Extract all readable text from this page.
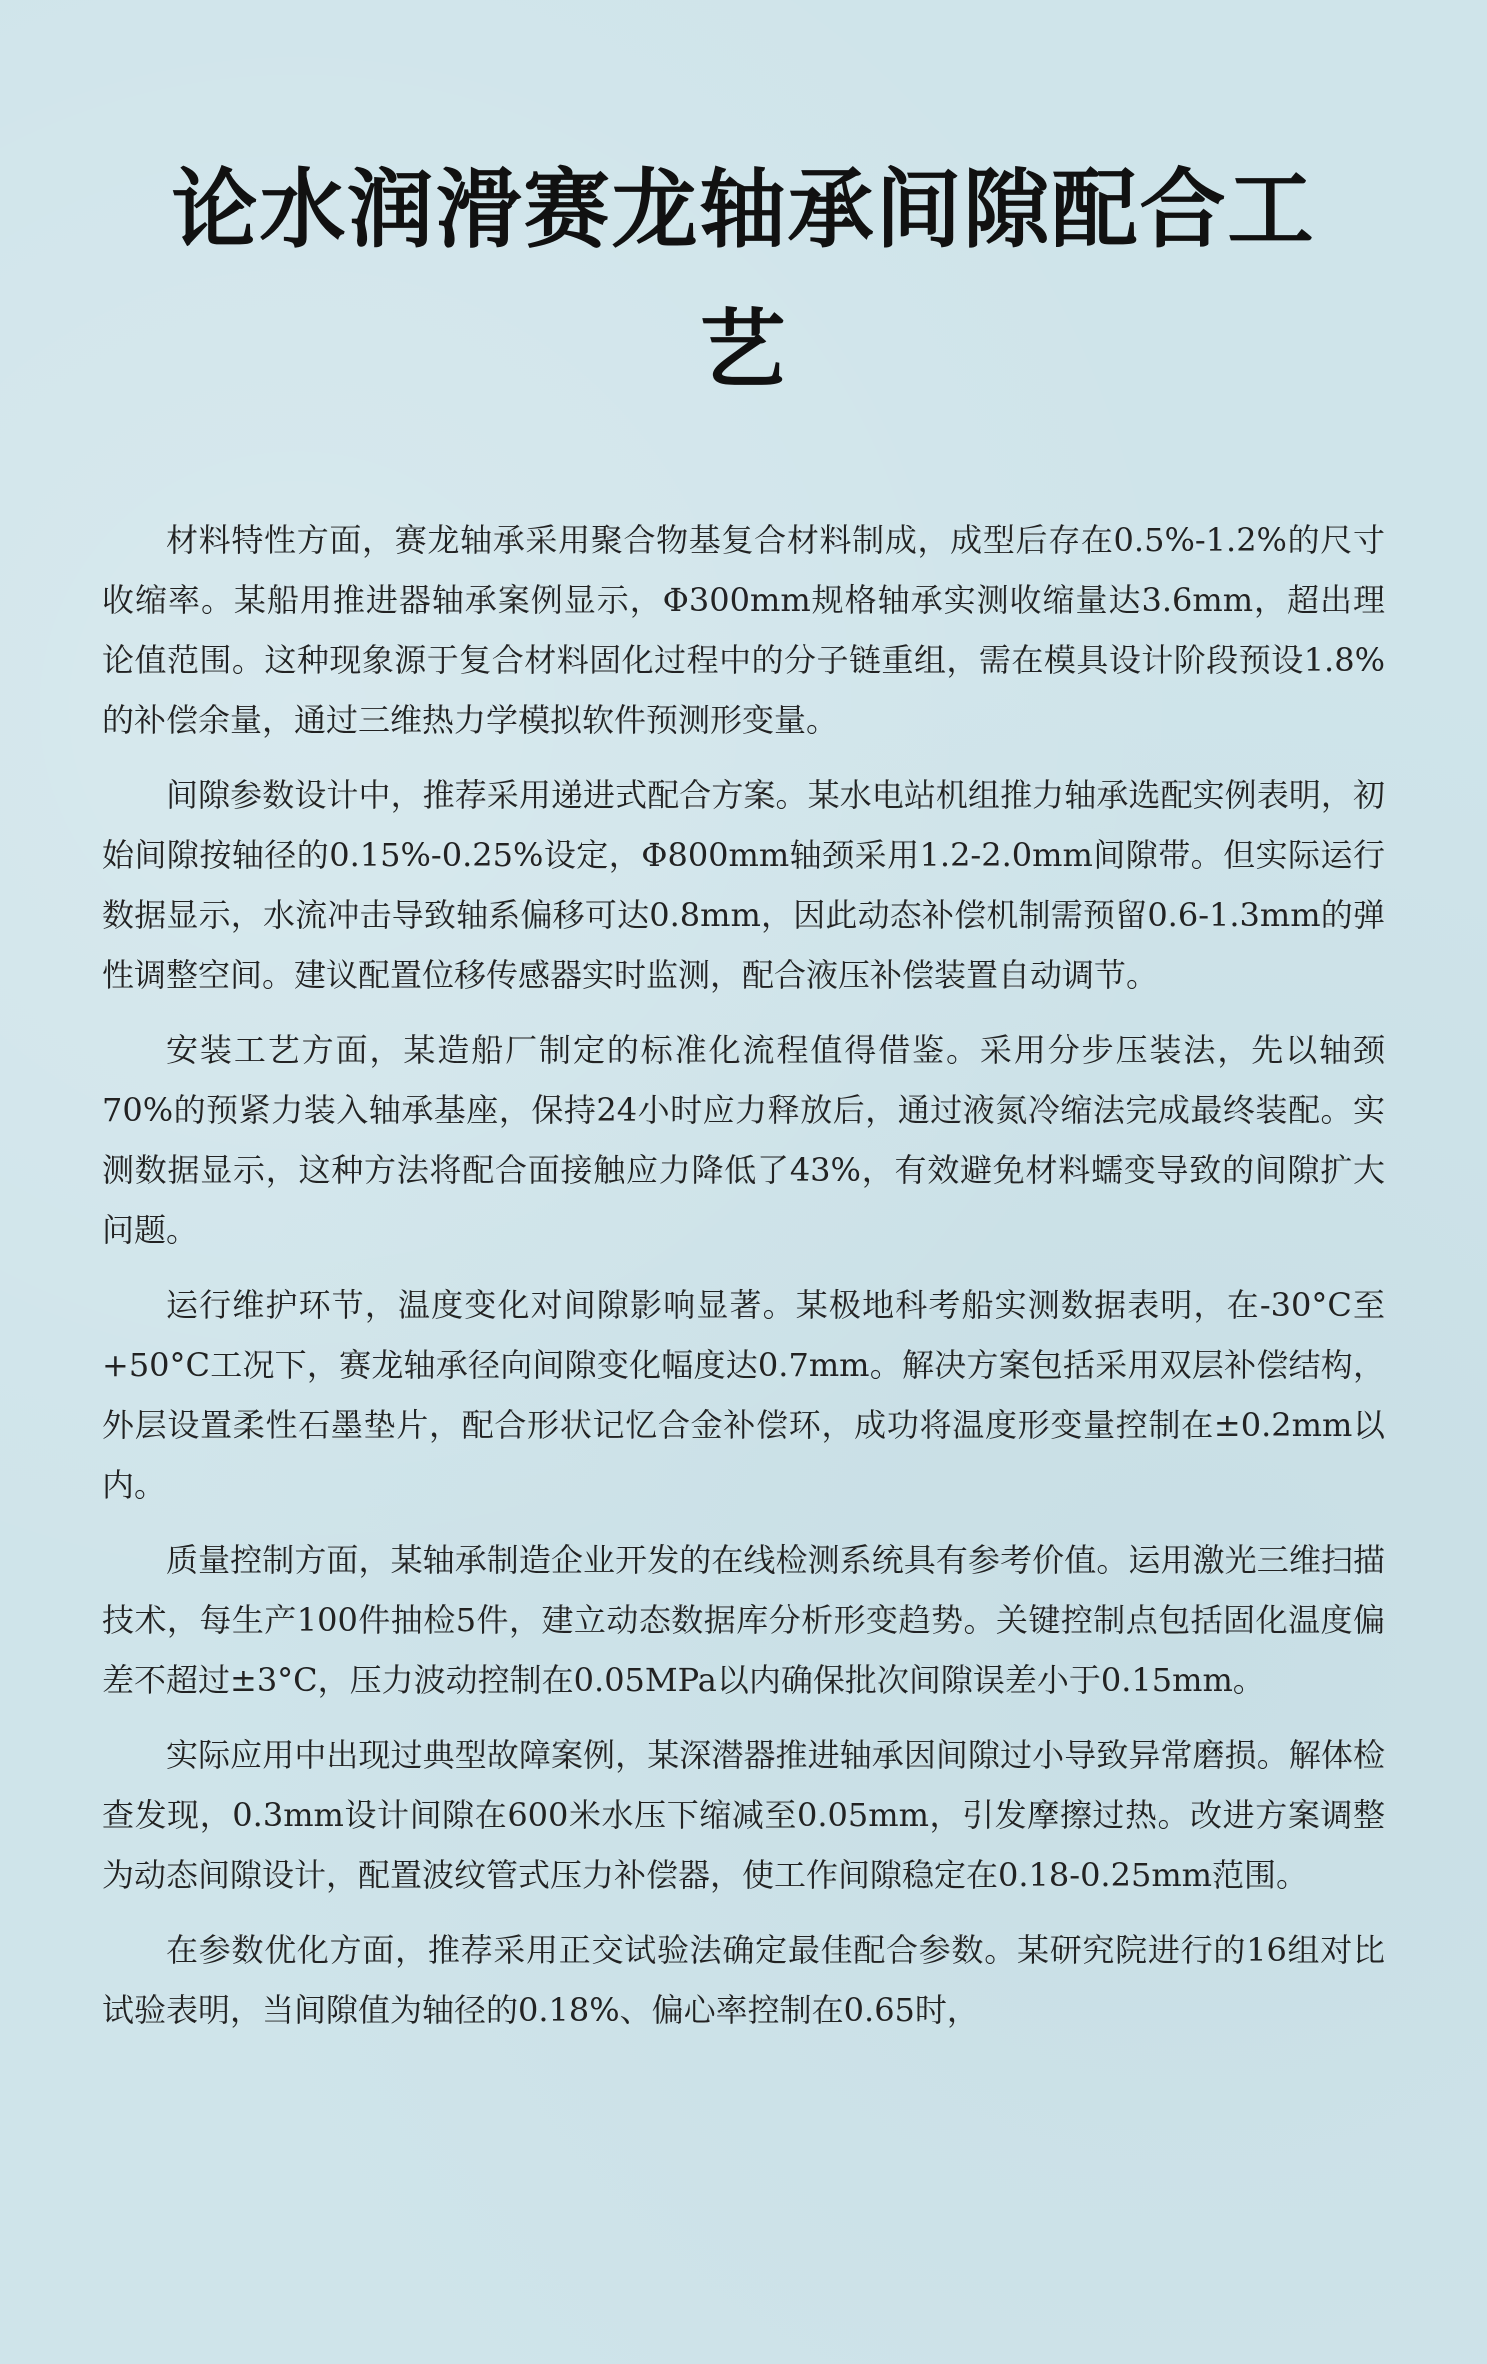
论水润滑赛龙轴承间隙配合工艺

材料特性方面，赛龙轴承采用聚合物基复合材料制成，成型后存在0.5%-1.2%的尺寸收缩率。某船用推进器轴承案例显示，Φ300mm规格轴承实测收缩量达3.6mm，超出理论值范围。这种现象源于复合材料固化过程中的分子链重组，需在模具设计阶段预设1.8%的补偿余量，通过三维热力学模拟软件预测形变量。

间隙参数设计中，推荐采用递进式配合方案。某水电站机组推力轴承选配实例表明，初始间隙按轴径的0.15%-0.25%设定，Φ800mm轴颈采用1.2-2.0mm间隙带。但实际运行数据显示，水流冲击导致轴系偏移可达0.8mm，因此动态补偿机制需预留0.6-1.3mm的弹性调整空间。建议配置位移传感器实时监测，配合液压补偿装置自动调节。

安装工艺方面，某造船厂制定的标准化流程值得借鉴。采用分步压装法，先以轴颈70%的预紧力装入轴承基座，保持24小时应力释放后，通过液氮冷缩法完成最终装配。实测数据显示，这种方法将配合面接触应力降低了43%，有效避免材料蠕变导致的间隙扩大问题。

运行维护环节，温度变化对间隙影响显著。某极地科考船实测数据表明，在-30°C至+50°C工况下，赛龙轴承径向间隙变化幅度达0.7mm。解决方案包括采用双层补偿结构，外层设置柔性石墨垫片，配合形状记忆合金补偿环，成功将温度形变量控制在±0.2mm以内。

质量控制方面，某轴承制造企业开发的在线检测系统具有参考价值。运用激光三维扫描技术，每生产100件抽检5件，建立动态数据库分析形变趋势。关键控制点包括固化温度偏差不超过±3°C，压力波动控制在0.05MPa以内确保批次间隙误差小于0.15mm。

实际应用中出现过典型故障案例，某深潜器推进轴承因间隙过小导致异常磨损。解体检查发现，0.3mm设计间隙在600米水压下缩减至0.05mm，引发摩擦过热。改进方案调整为动态间隙设计，配置波纹管式压力补偿器，使工作间隙稳定在0.18-0.25mm范围。

在参数优化方面，推荐采用正交试验法确定最佳配合参数。某研究院进行的16组对比试验表明，当间隙值为轴径的0.18%、偏心率控制在0.65时，
